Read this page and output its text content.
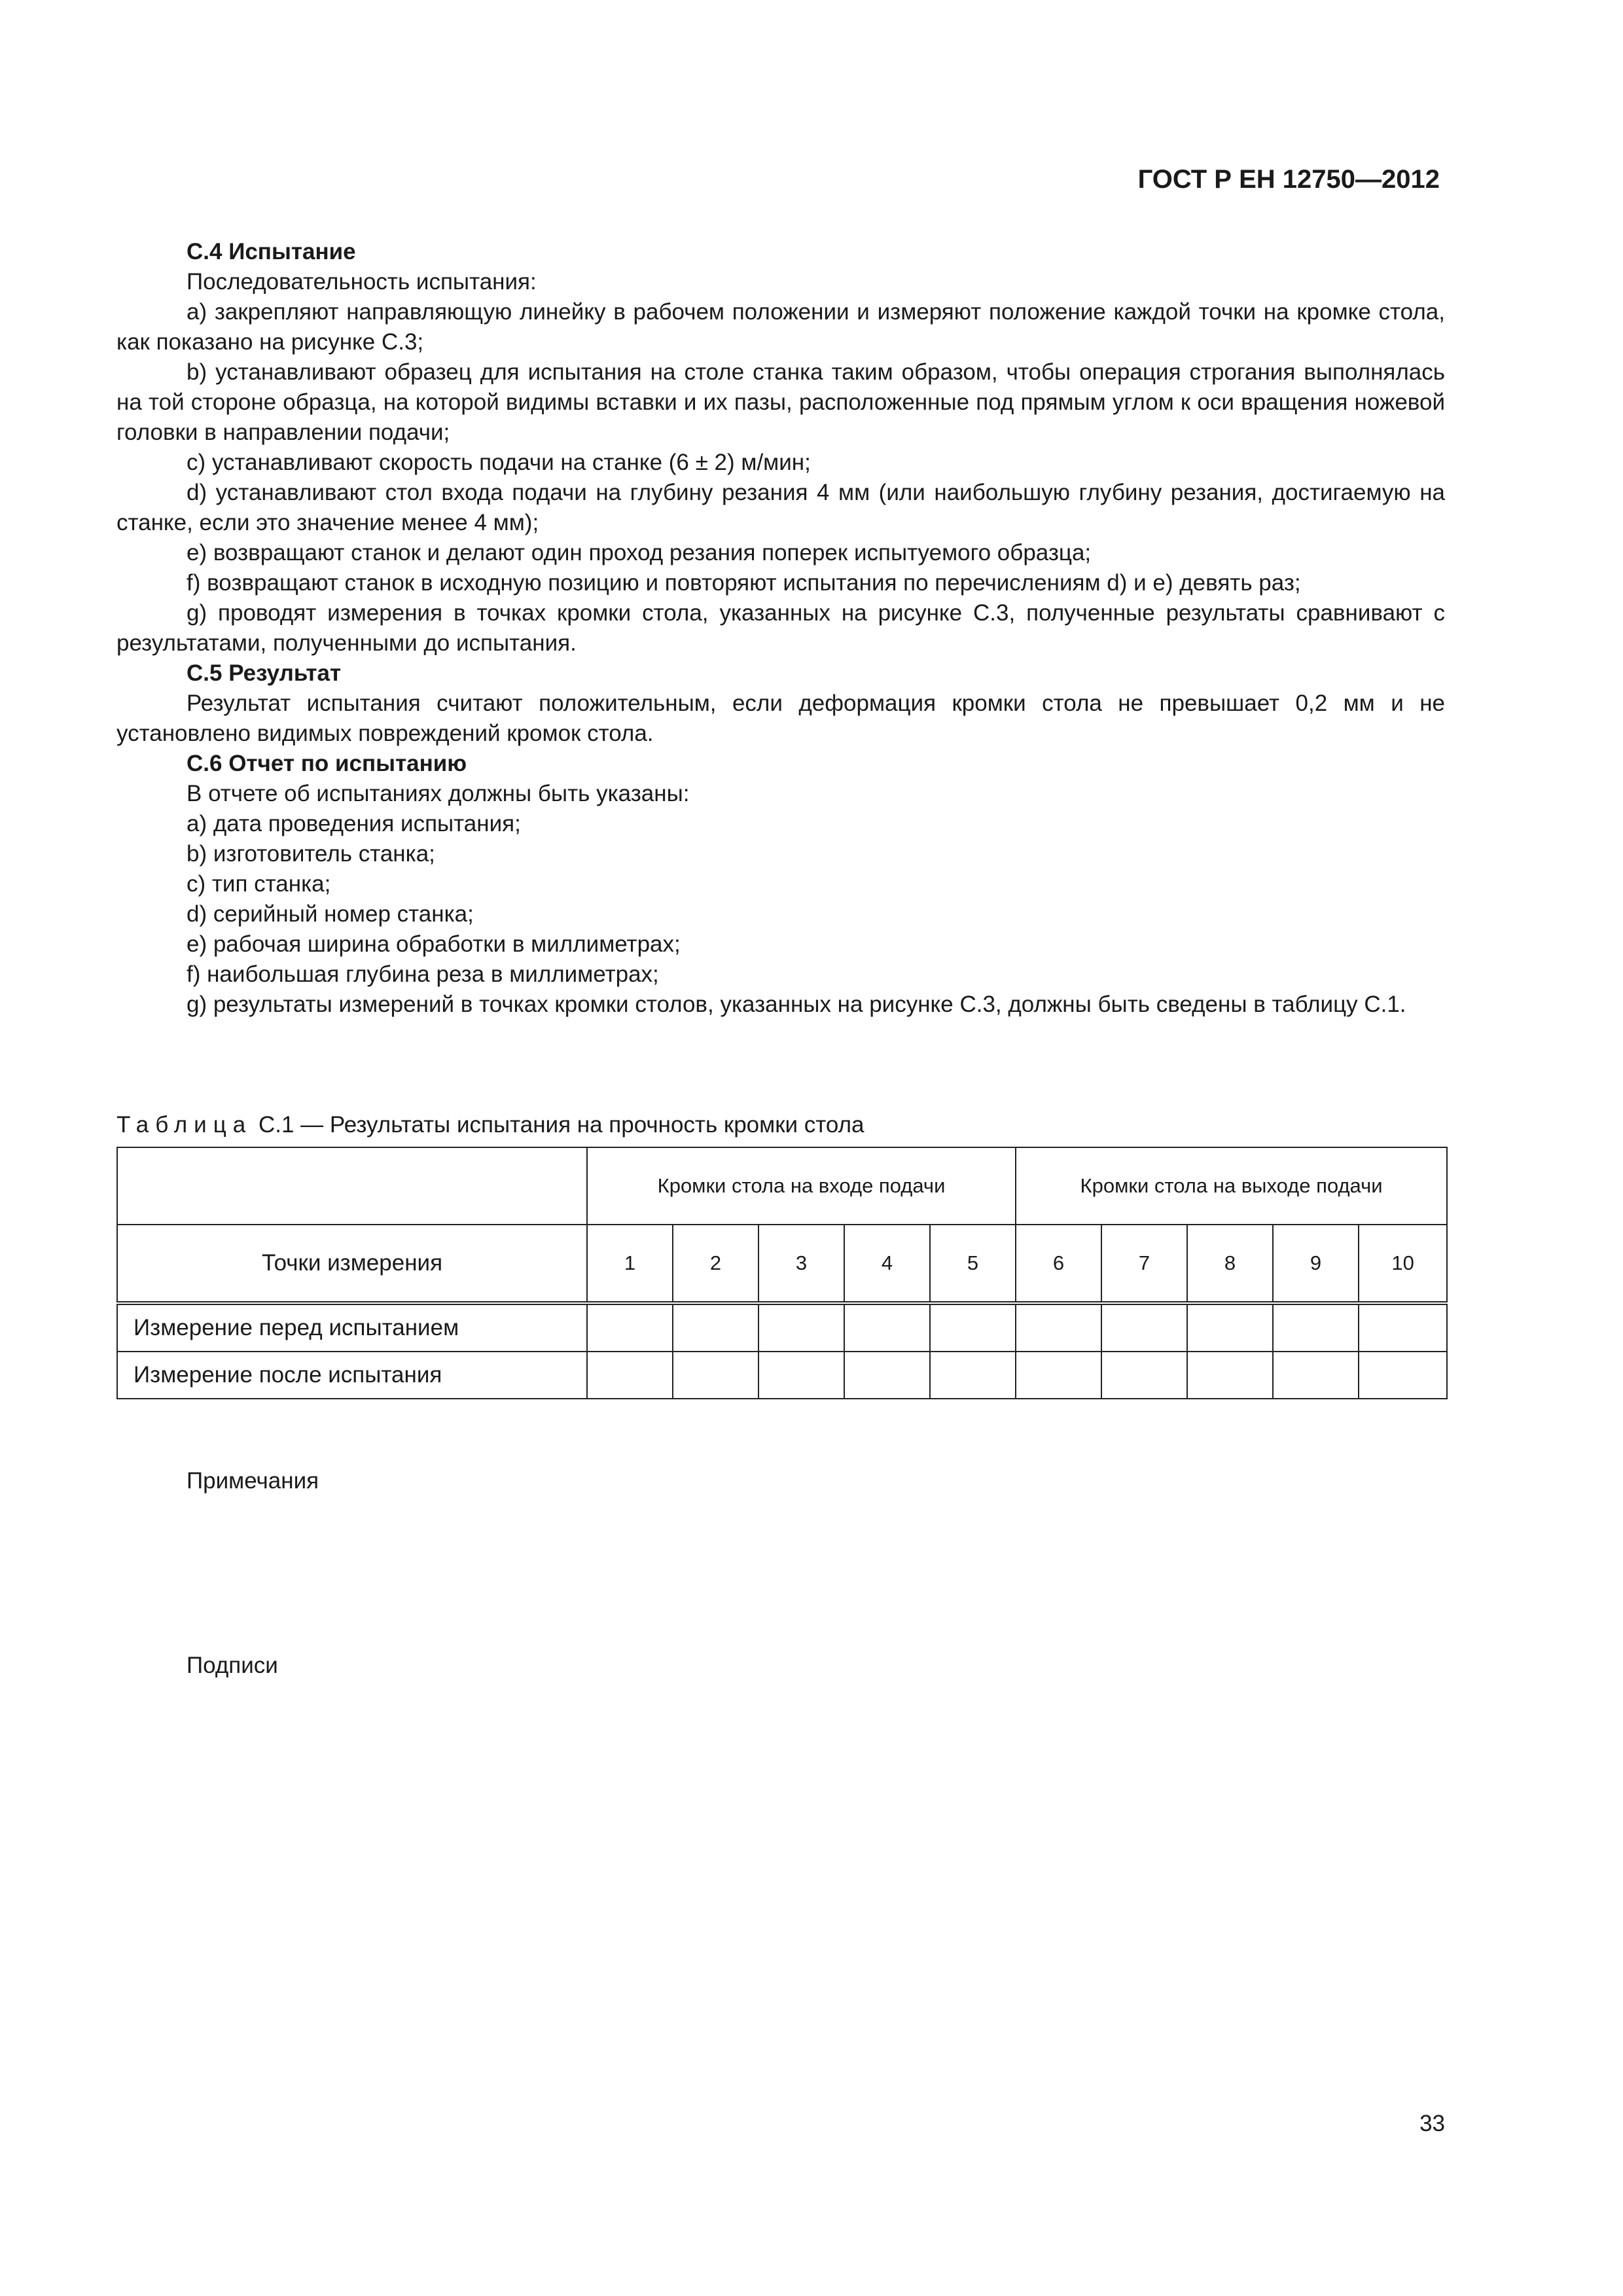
ГОСТ Р ЕН 12750—2012

С.4 Испытание

Последовательность испытания:

а) закрепляют направляющую линейку в рабочем положении и измеряют положение каждой точки на кромке стола, как показано на рисунке С.3;

b) устанавливают образец для испытания на столе станка таким образом, чтобы операция строгания выполнялась на той стороне образца, на которой видимы вставки и их пазы, расположенные под прямым углом к оси вращения ножевой головки в направлении подачи;

с) устанавливают скорость подачи на станке (6 ± 2) м/мин;

d) устанавливают стол входа подачи на глубину резания 4 мм (или наибольшую глубину резания, достигаемую на станке, если это значение менее 4 мм);

е) возвращают станок и делают один проход резания поперек испытуемого образца;

f) возвращают станок в исходную позицию и повторяют испытания по перечислениям d) и е) девять раз;

g) проводят измерения в точках кромки стола, указанных на рисунке С.3, полученные результаты сравнивают с результатами, полученными до испытания.

С.5 Результат

Результат испытания считают положительным, если деформация кромки стола не превышает 0,2 мм и не установлено видимых повреждений кромок стола.

С.6 Отчет по испытанию

В отчете об испытаниях должны быть указаны:

а) дата проведения испытания;

b) изготовитель станка;

с) тип станка;

d) серийный номер станка;

е) рабочая ширина обработки в миллиметрах;

f) наибольшая глубина реза в миллиметрах;

g) результаты измерений в точках кромки столов, указанных на рисунке С.3, должны быть сведены в таблицу С.1.

Таблица С.1 — Результаты испытания на прочность кромки стола
	Кромки стола на входе подачи					Кромки стола на выходе подачи				
Точки измерения	1	2	3	4	5	6	7	8	9	10
Измерение перед испытанием										
Измерение после испытания										
Примечания
Подписи
33
